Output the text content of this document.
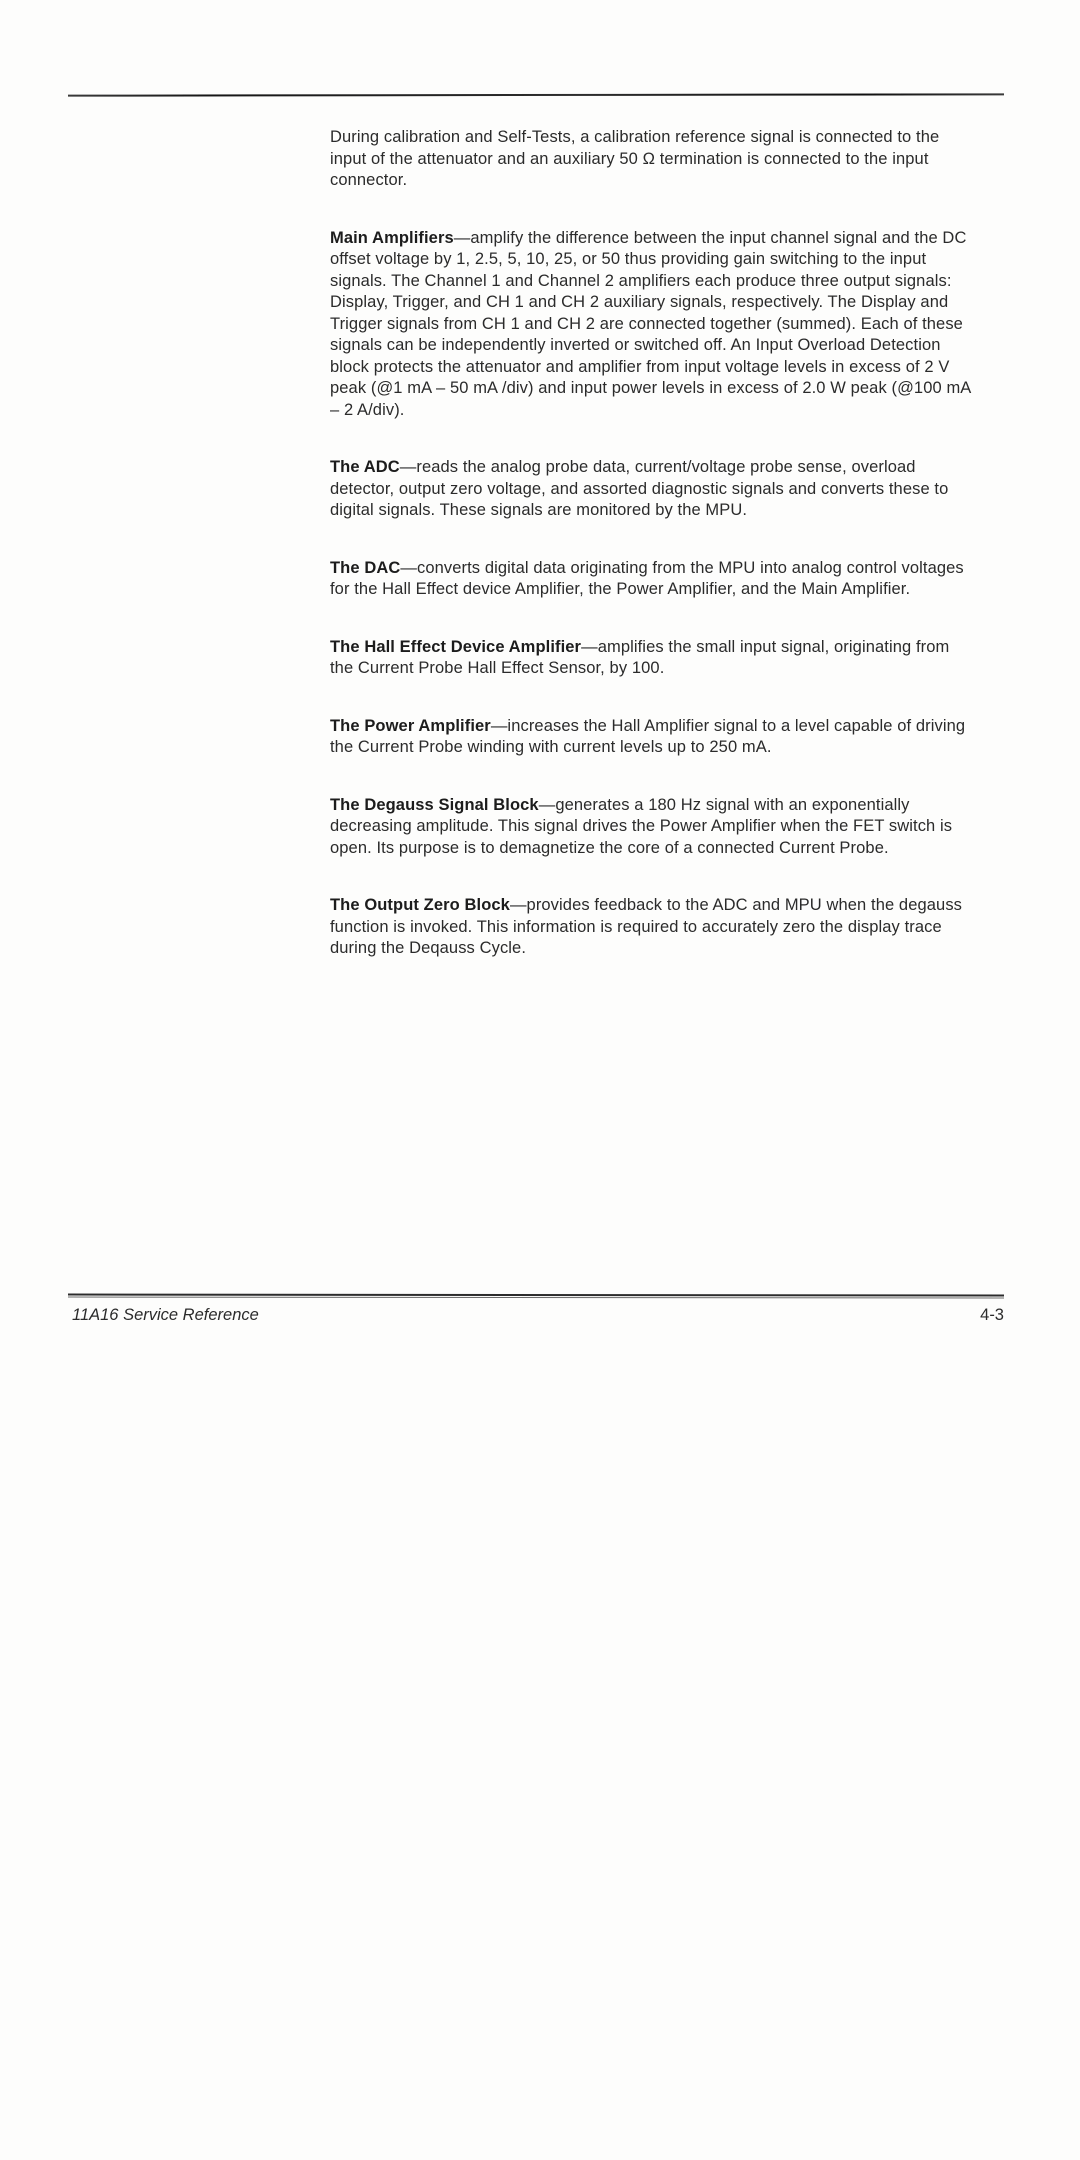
During calibration and Self-Tests, a calibration reference signal is connected to the input of the attenuator and an auxiliary 50 Ω termination is connected to the input connector.

Main Amplifiers—amplify the difference between the input channel signal and the DC offset voltage by 1, 2.5, 5, 10, 25, or 50 thus providing gain switching to the input signals. The Channel 1 and Channel 2 amplifiers each produce three output signals: Display, Trigger, and CH 1 and CH 2 auxiliary signals, respectively. The Display and Trigger signals from CH 1 and CH 2 are connected together (summed). Each of these signals can be independently inverted or switched off. An Input Overload Detection block protects the attenuator and amplifier from input voltage levels in excess of 2 V peak (@1 mA – 50 mA /div) and input power levels in excess of 2.0 W peak (@100 mA – 2 A/div).

The ADC—reads the analog probe data, current/voltage probe sense, overload detector, output zero voltage, and assorted diagnostic signals and converts these to digital signals. These signals are monitored by the MPU.

The DAC—converts digital data originating from the MPU into analog control voltages for the Hall Effect device Amplifier, the Power Amplifier, and the Main Amplifier.

The Hall Effect Device Amplifier—amplifies the small input signal, originating from the Current Probe Hall Effect Sensor, by 100.

The Power Amplifier—increases the Hall Amplifier signal to a level capable of driving the Current Probe winding with current levels up to 250 mA.

The Degauss Signal Block—generates a 180 Hz signal with an exponentially decreasing amplitude. This signal drives the Power Amplifier when the FET switch is open. Its purpose is to demagnetize the core of a connected Current Probe.

The Output Zero Block—provides feedback to the ADC and MPU when the degauss function is invoked. This information is required to accurately zero the display trace during the Deqauss Cycle.

11A16 Service Reference	4-3
